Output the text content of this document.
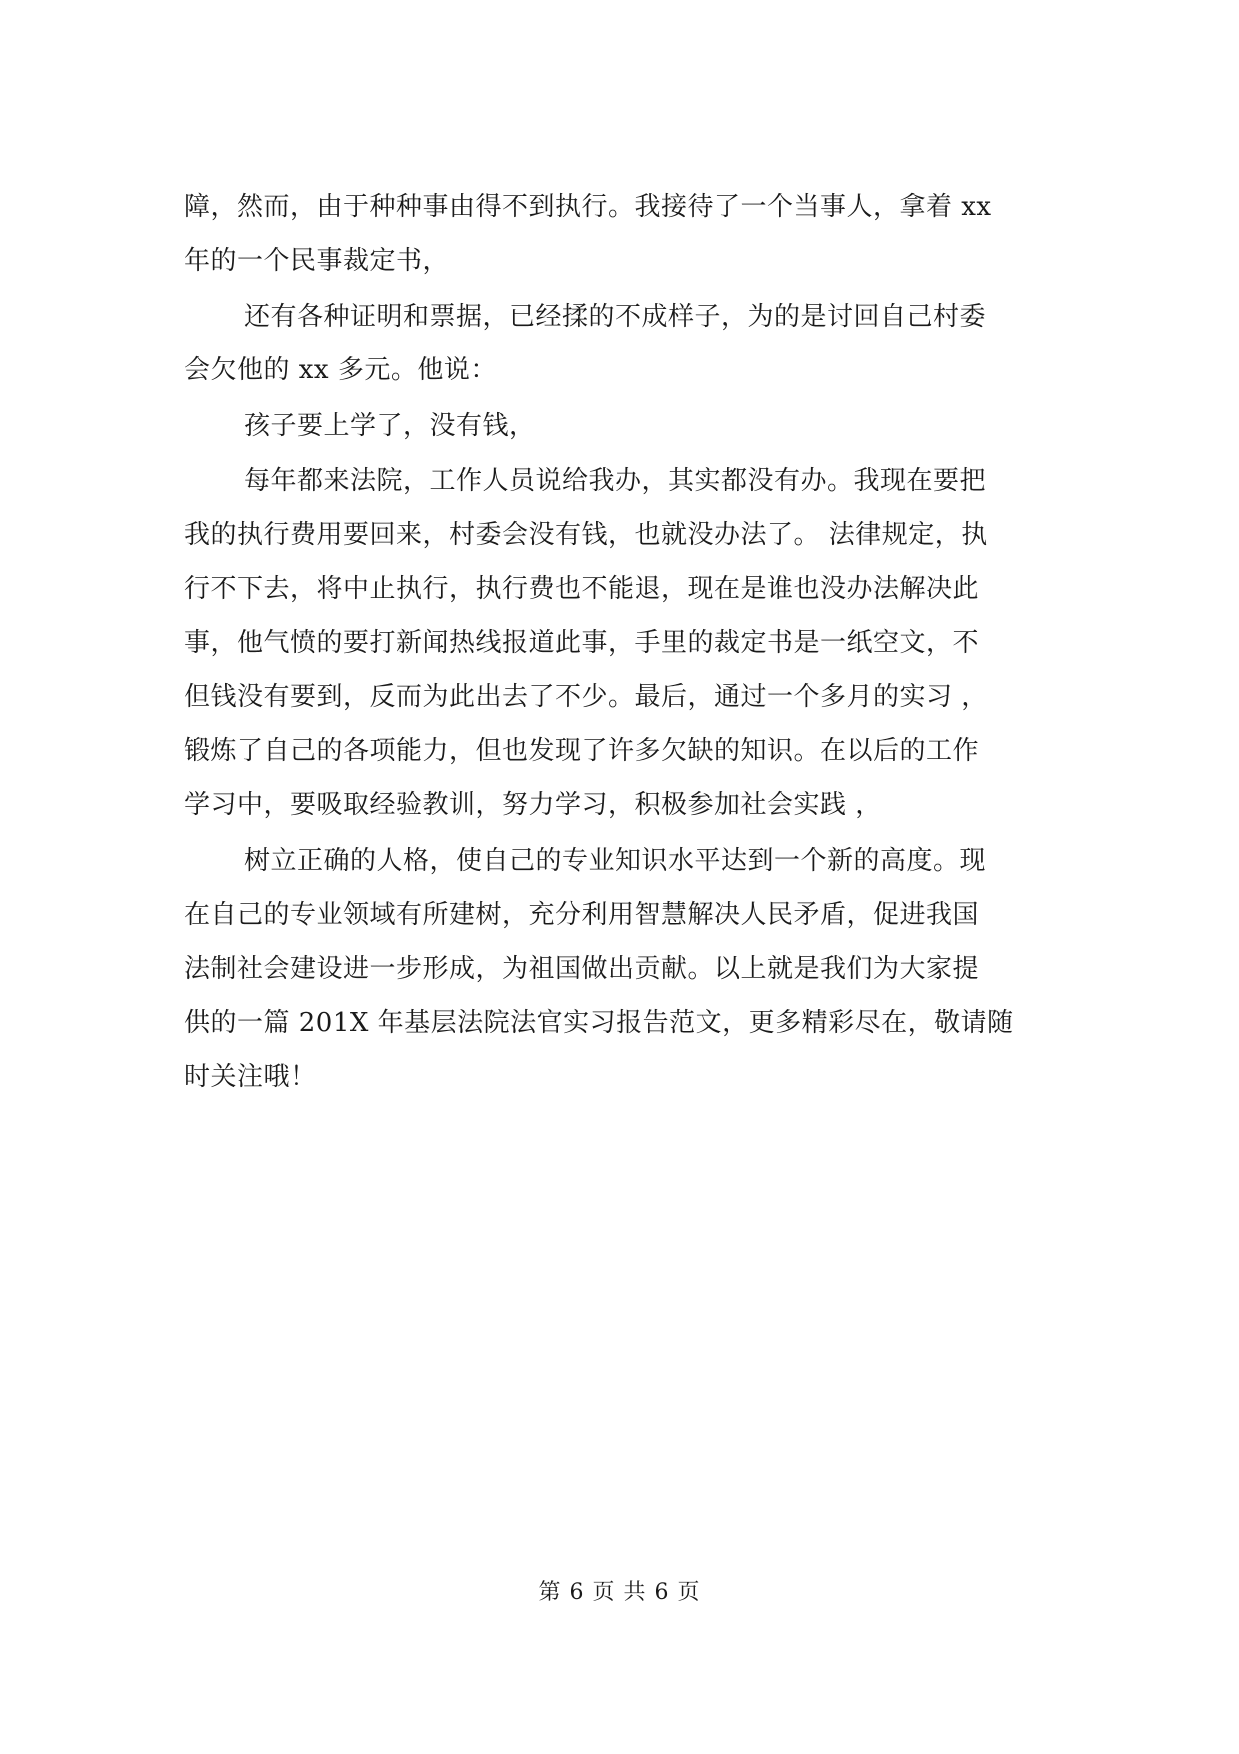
障，然而，由于种种事由得不到执行。我接待了一个当事人，拿着 xx
年的一个民事裁定书，
还有各种证明和票据，已经揉的不成样子，为的是讨回自己村委
会欠他的 xx 多元。他说：
孩子要上学了，没有钱，
每年都来法院，工作人员说给我办，其实都没有办。我现在要把
我的执行费用要回来，村委会没有钱，也就没办法了。 法律规定，执
行不下去，将中止执行，执行费也不能退，现在是谁也没办法解决此
事，他气愤的要打新闻热线报道此事，手里的裁定书是一纸空文，不
但钱没有要到，反而为此出去了不少。最后，通过一个多月的实习 ，
锻炼了自己的各项能力，但也发现了许多欠缺的知识。在以后的工作
学习中，要吸取经验教训，努力学习，积极参加社会实践 ，
树立正确的人格，使自己的专业知识水平达到一个新的高度。现
在自己的专业领域有所建树，充分利用智慧解决人民矛盾，促进我国
法制社会建设进一步形成，为祖国做出贡献。以上就是我们为大家提
供的一篇 201X 年基层法院法官实习报告范文，更多精彩尽在，敬请随
时关注哦！
第 6 页 共 6 页
